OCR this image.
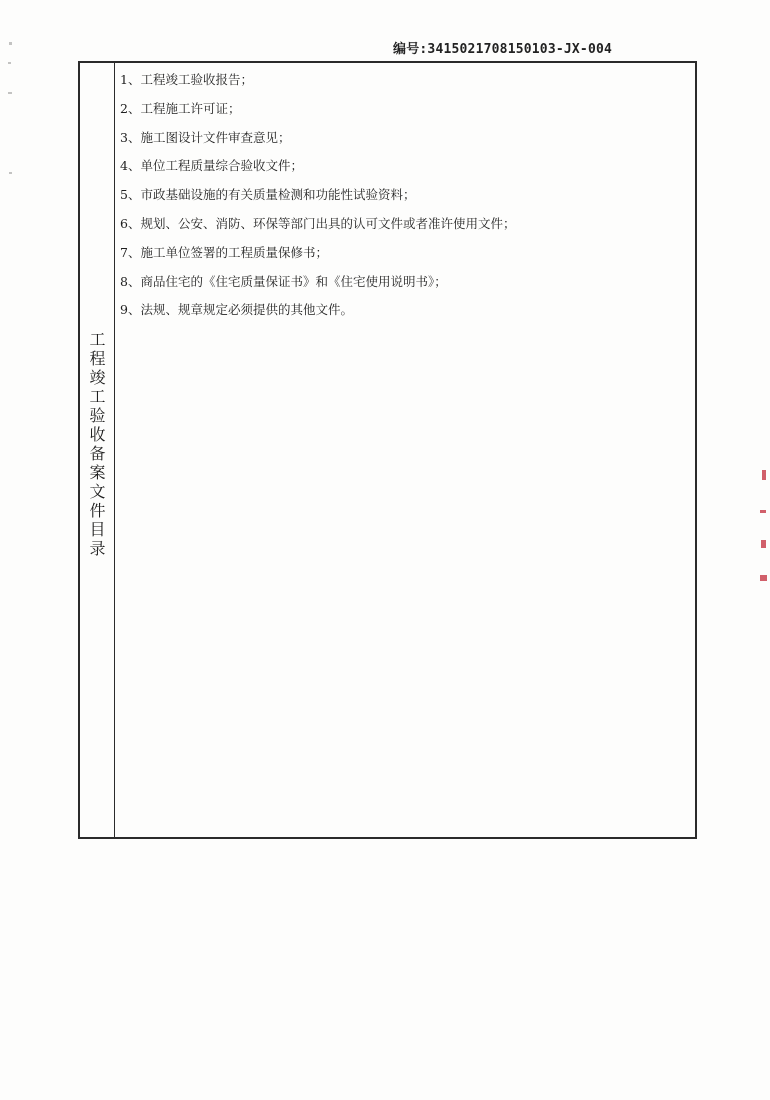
编号:3415021708150103-JX-004
工程竣工验收备案文件目录
1、工程竣工验收报告；
2、工程施工许可证；
3、施工图设计文件审查意见；
4、单位工程质量综合验收文件；
5、市政基础设施的有关质量检测和功能性试验资料；
6、规划、公安、消防、环保等部门出具的认可文件或者准许使用文件；
7、施工单位签署的工程质量保修书；
8、商品住宅的《住宅质量保证书》和《住宅使用说明书》；
9、法规、规章规定必须提供的其他文件。
